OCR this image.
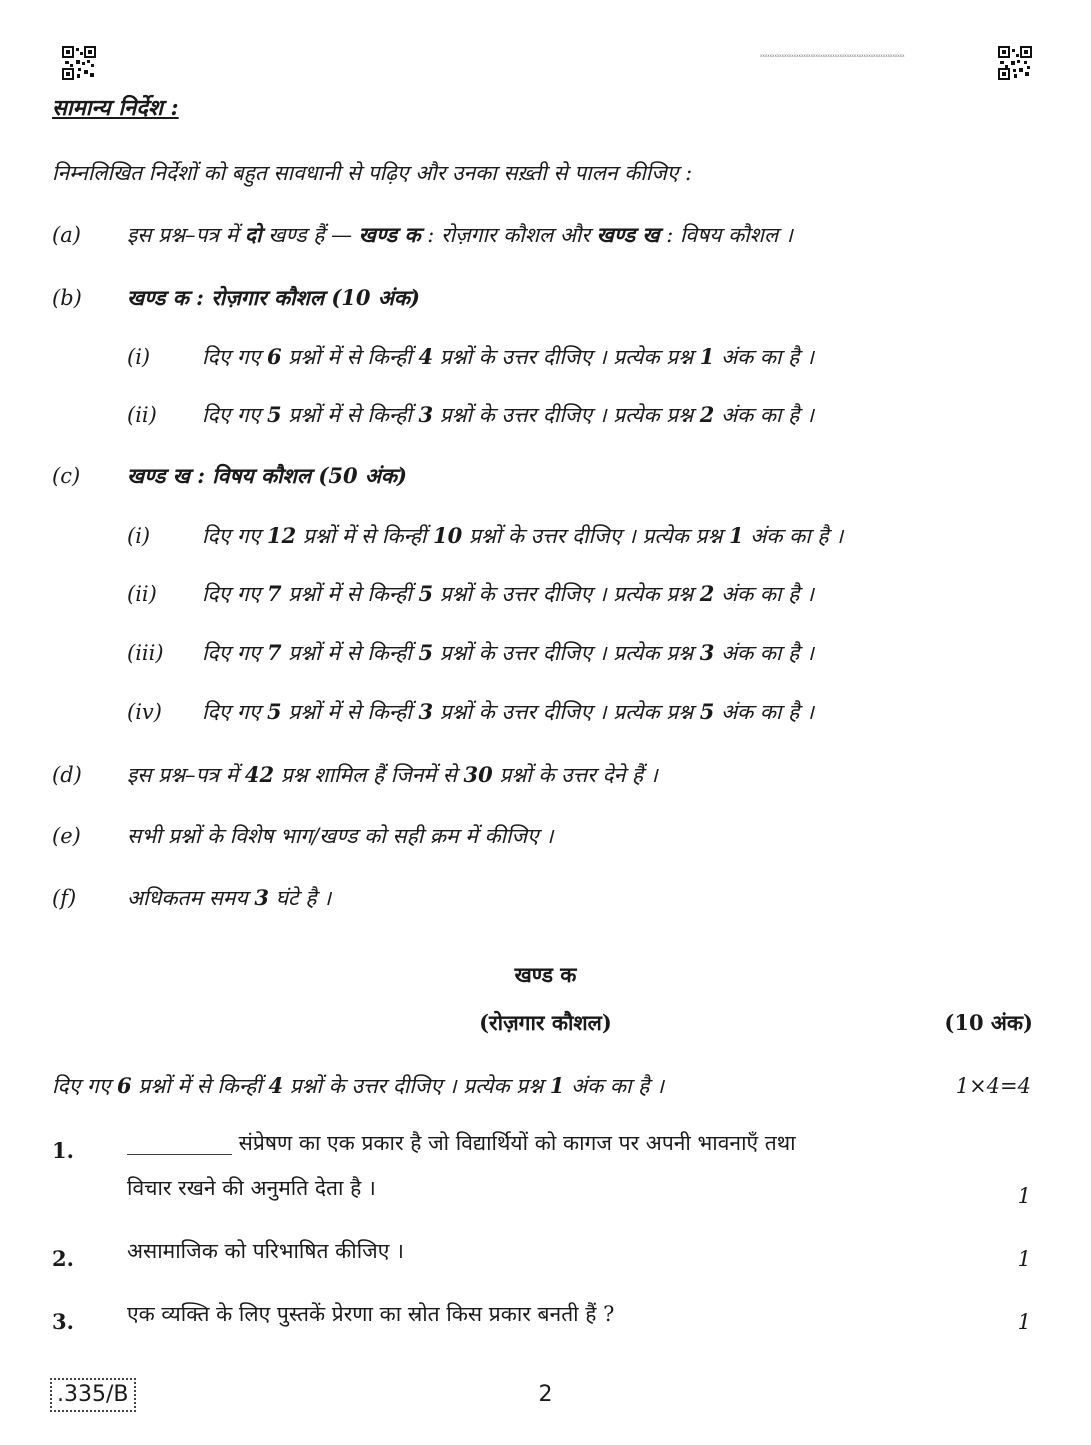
xxxxxxxxxxxxxxxxxxxxxxxxxxxxxxxxxxxxxxxxxxxxxxxxxxxxxxxxxxxx
सामान्य निर्देश :
निम्नलिखित निर्देशों को बहुत सावधानी से पढ़िए और उनका सख़्ती से पालन कीजिए :
(a) इस प्रश्न–पत्र में दो खण्ड हैं — खण्ड क : रोज़गार कौशल और खण्ड ख : विषय कौशल ।
(b) खण्ड क : रोज़गार कौशल (10 अंक)
(i) दिए गए 6 प्रश्नों में से किन्हीं 4 प्रश्नों के उत्तर दीजिए । प्रत्येक प्रश्न 1 अंक का है ।
(ii) दिए गए 5 प्रश्नों में से किन्हीं 3 प्रश्नों के उत्तर दीजिए । प्रत्येक प्रश्न 2 अंक का है ।
(c) खण्ड ख : विषय कौशल (50 अंक)
(i) दिए गए 12 प्रश्नों में से किन्हीं 10 प्रश्नों के उत्तर दीजिए । प्रत्येक प्रश्न 1 अंक का है ।
(ii) दिए गए 7 प्रश्नों में से किन्हीं 5 प्रश्नों के उत्तर दीजिए । प्रत्येक प्रश्न 2 अंक का है ।
(iii) दिए गए 7 प्रश्नों में से किन्हीं 5 प्रश्नों के उत्तर दीजिए । प्रत्येक प्रश्न 3 अंक का है ।
(iv) दिए गए 5 प्रश्नों में से किन्हीं 3 प्रश्नों के उत्तर दीजिए । प्रत्येक प्रश्न 5 अंक का है ।
(d) इस प्रश्न–पत्र में 42 प्रश्न शामिल हैं जिनमें से 30 प्रश्नों के उत्तर देने हैं ।
(e) सभी प्रश्नों के विशेष भाग/खण्ड को सही क्रम में कीजिए ।
(f) अधिकतम समय 3 घंटे है ।
खण्ड क
(रोज़गार कौशल)	(10 अंक)
दिए गए 6 प्रश्नों में से किन्हीं 4 प्रश्नों के उत्तर दीजिए । प्रत्येक प्रश्न 1 अंक का है ।	1×4=4
1.	__________ संप्रेषण का एक प्रकार है जो विद्यार्थियों को कागज पर अपनी भावनाएँ तथा
विचार रखने की अनुमति देता है ।	1
2.	असामाजिक को परिभाषित कीजिए ।	1
3.	एक व्यक्ति के लिए पुस्तकें प्रेरणा का स्रोत किस प्रकार बनती हैं ?	1
.335/B	2
